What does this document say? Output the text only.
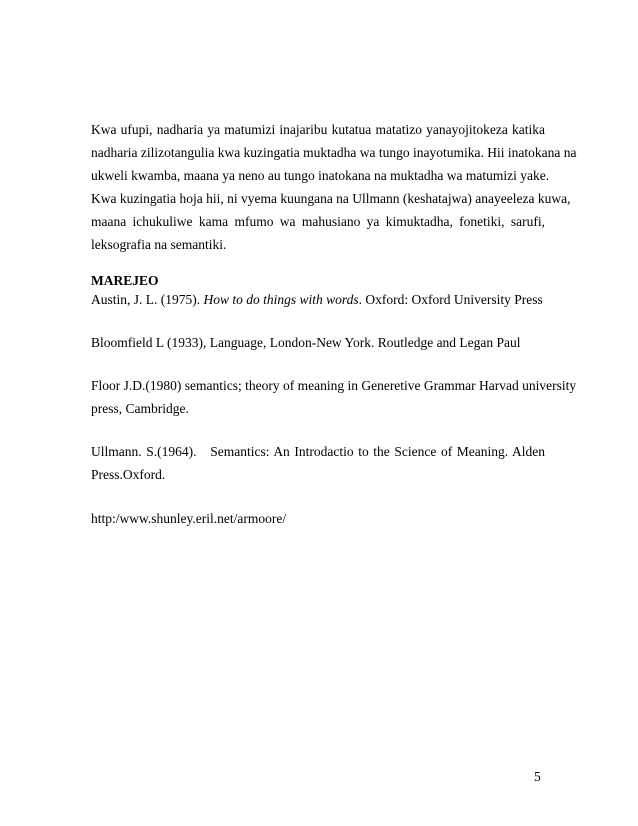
Kwa ufupi, nadharia ya matumizi inajaribu kutatua matatizo yanayojitokeza katika
nadharia zilizotangulia kwa kuzingatia muktadha wa tungo inayotumika. Hii inatokana na
ukweli kwamba, maana ya neno au tungo inatokana na muktadha wa matumizi yake.
Kwa kuzingatia hoja hii, ni vyema kuungana na Ullmann (keshatajwa) anayeeleza kuwa,
maana ichukuliwe kama mfumo wa mahusiano ya kimuktadha, fonetiki, sarufi,
leksografia na semantiki.
MAREJEO
Austin, J. L. (1975). How to do things with words. Oxford: Oxford University Press
Bloomfield L (1933), Language, London-New York. Routledge and Legan Paul
Floor J.D.(1980) semantics; theory of meaning in Generetive Grammar Harvad university
press, Cambridge.
Ullmann. S.(1964).   Semantics: An Introdactio to the Science of Meaning. Alden
Press.Oxford.
http:/www.shunley.eril.net/armoore/
5
